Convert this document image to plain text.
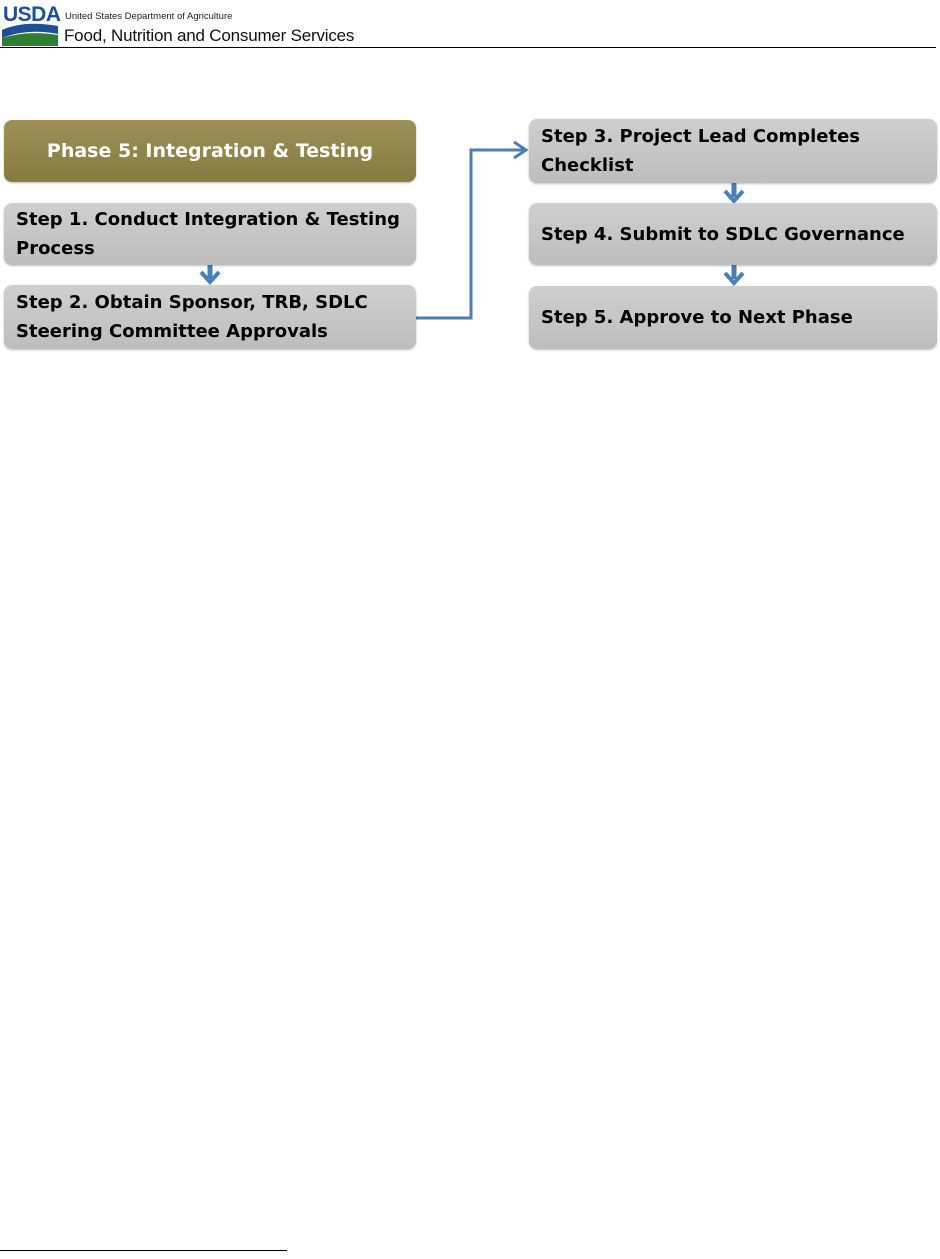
USDA United States Department of Agriculture
Food, Nutrition and Consumer Services
Phase 5: Integration & Testing
Step 1. Conduct Integration & Testing Process
Step 2. Obtain Sponsor, TRB, SDLC Steering Committee Approvals
Step 3. Project Lead Completes Checklist
Step 4. Submit to SDLC Governance
Step 5. Approve to Next Phase
